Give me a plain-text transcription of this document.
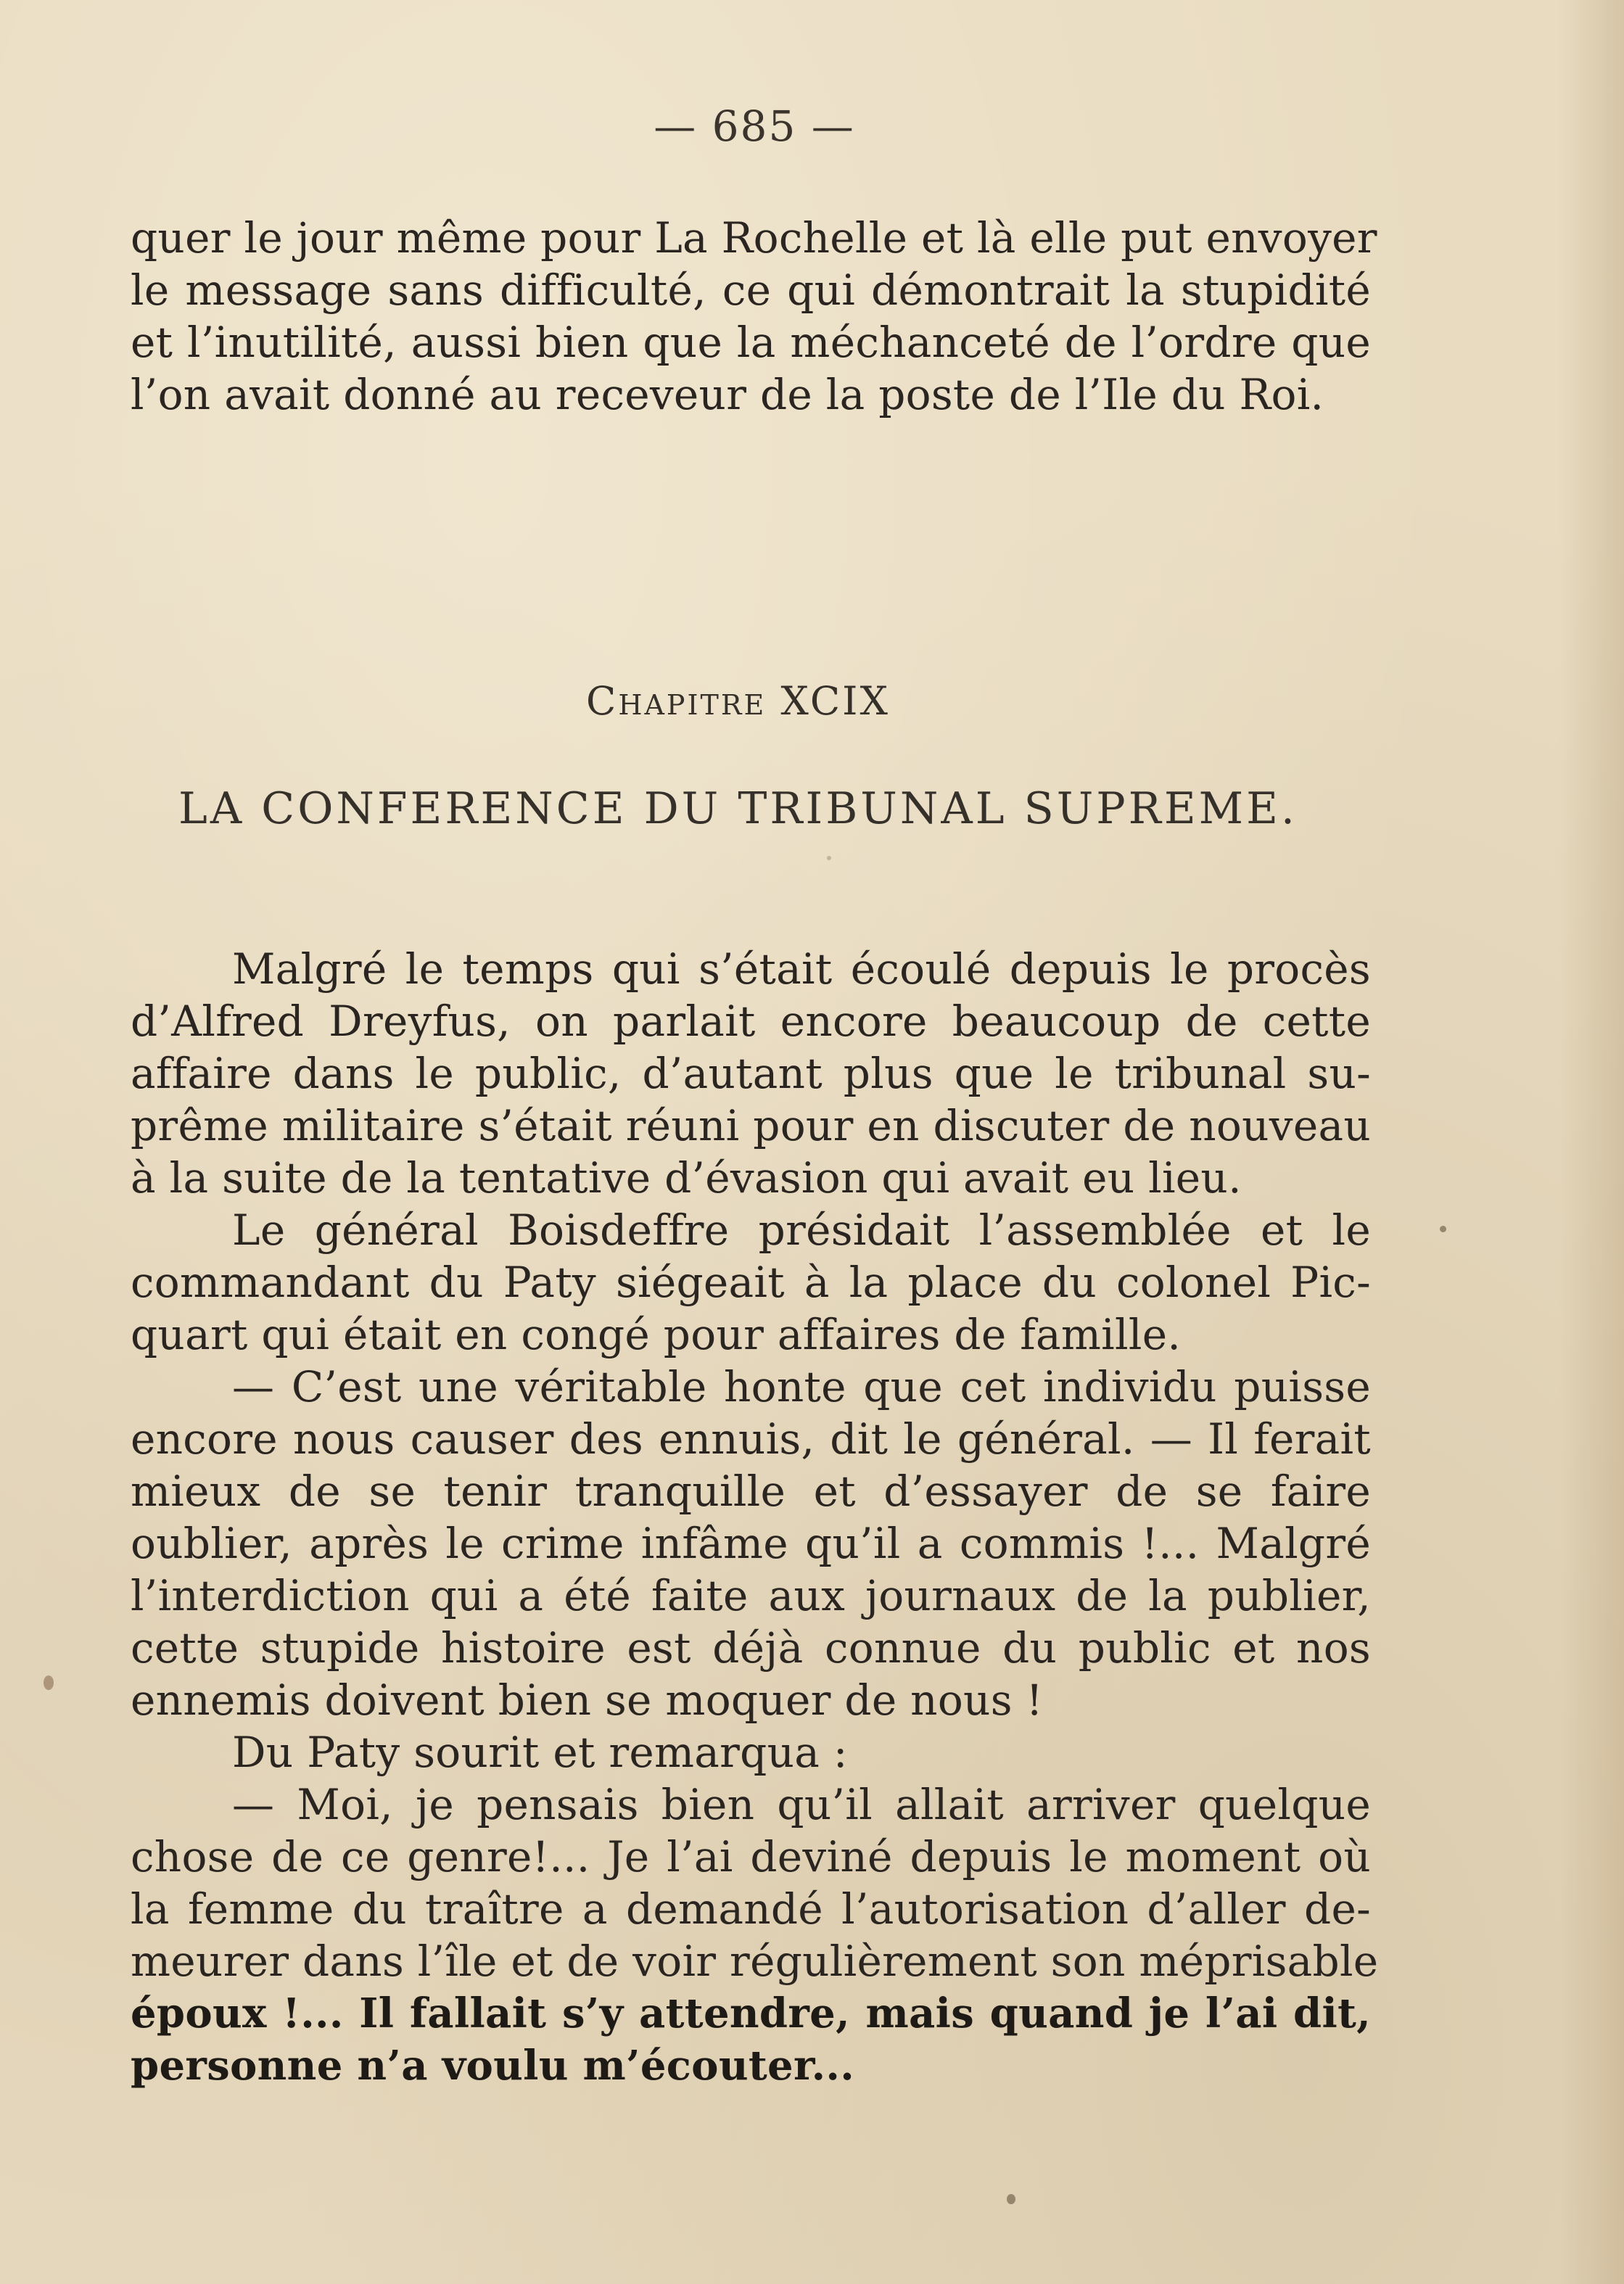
— 685 —
quer le jour même pour La Rochelle et là elle put envoyer
le message sans difficulté, ce qui démontrait la stupidité
et l’inutilité, aussi bien que la méchanceté de l’ordre que
l’on avait donné au receveur de la poste de l’Ile du Roi.
Chapitre XCIX
LA CONFERENCE DU TRIBUNAL SUPREME.
Malgré le temps qui s’était écoulé depuis le procès
d’Alfred Dreyfus, on parlait encore beaucoup de cette
affaire dans le public, d’autant plus que le tribunal su-
prême militaire s’était réuni pour en discuter de nouveau
à la suite de la tentative d’évasion qui avait eu lieu.
Le général Boisdeffre présidait l’assemblée et le
commandant du Paty siégeait à la place du colonel Pic-
quart qui était en congé pour affaires de famille.
— C’est une véritable honte que cet individu puisse
encore nous causer des ennuis, dit le général. — Il ferait
mieux de se tenir tranquille et d’essayer de se faire
oublier, après le crime infâme qu’il a commis !... Malgré
l’interdiction qui a été faite aux journaux de la publier,
cette stupide histoire est déjà connue du public et nos
ennemis doivent bien se moquer de nous !
Du Paty sourit et remarqua :
— Moi, je pensais bien qu’il allait arriver quelque
chose de ce genre!... Je l’ai deviné depuis le moment où
la femme du traître a demandé l’autorisation d’aller de-
meurer dans l’île et de voir régulièrement son méprisable
époux !... Il fallait s’y attendre, mais quand je l’ai dit,
personne n’a voulu m’écouter...
